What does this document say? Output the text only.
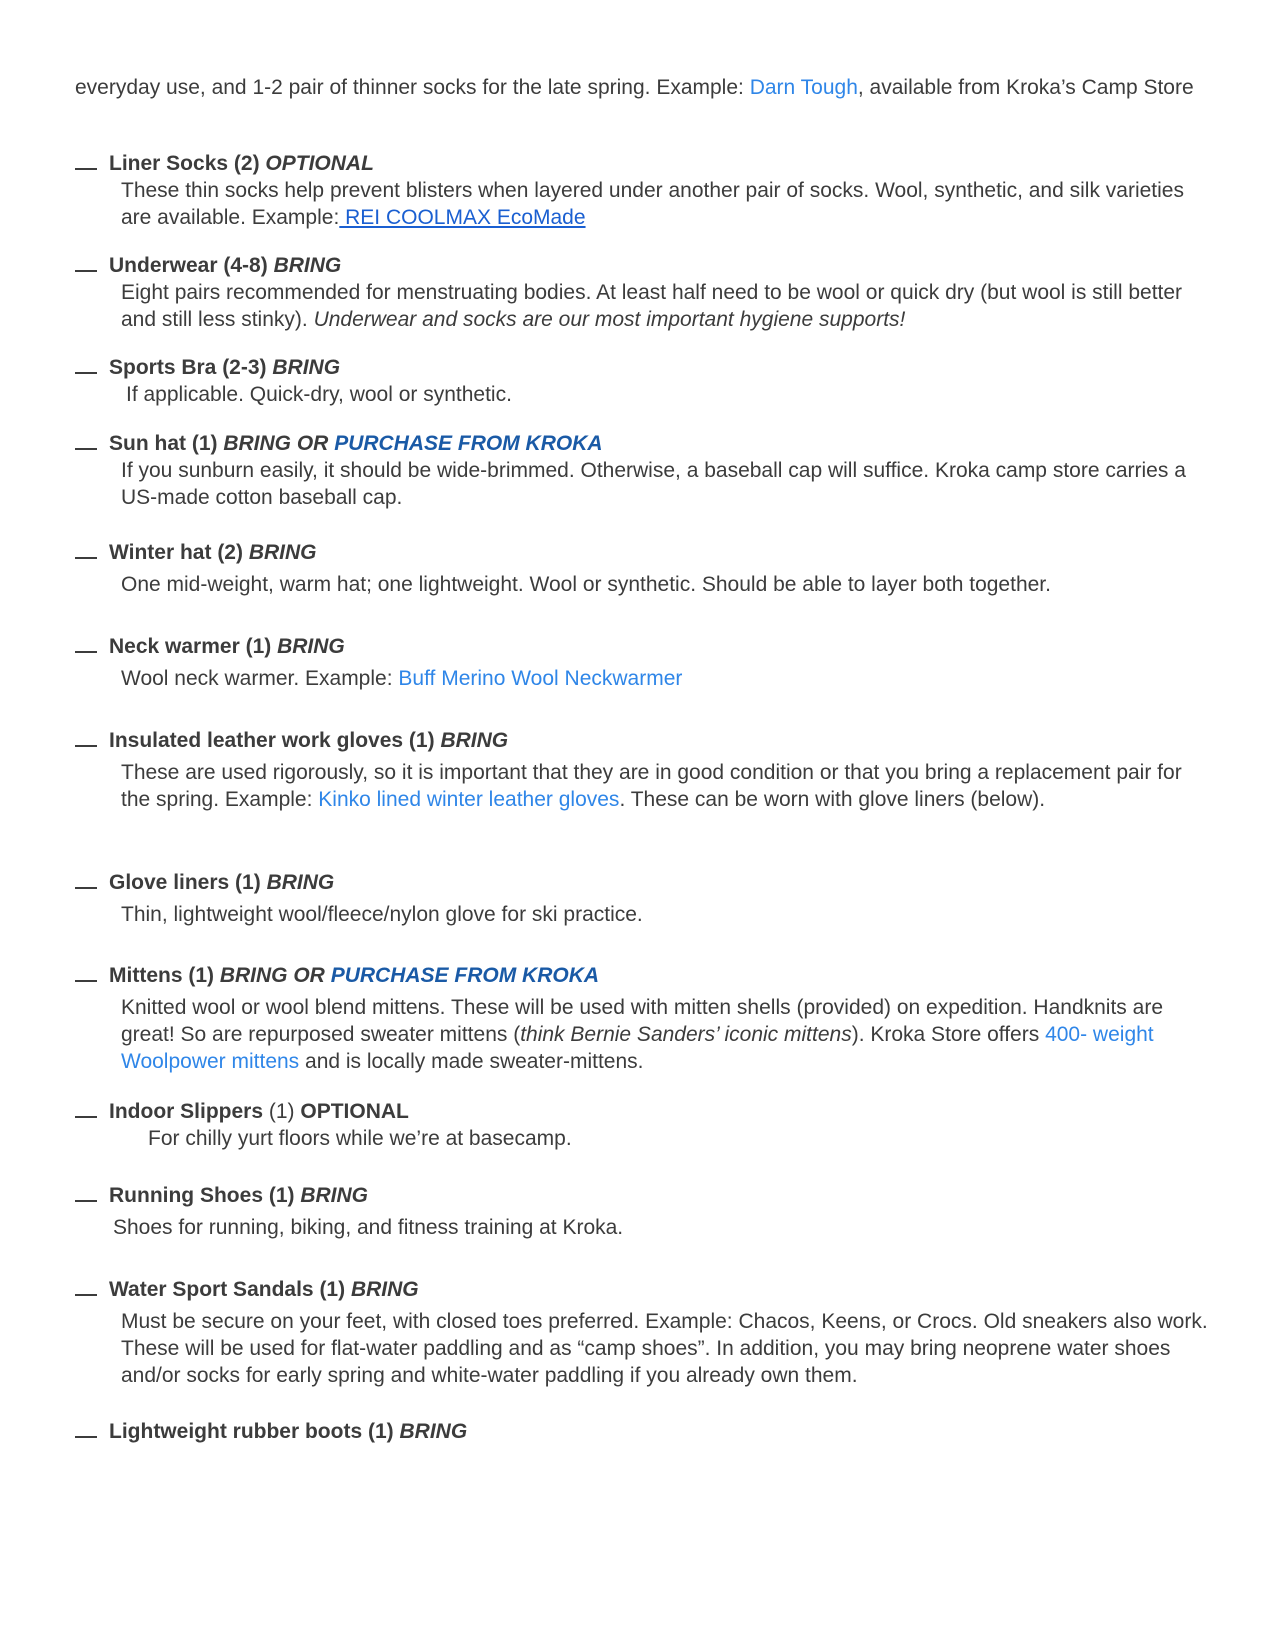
everyday use, and 1-2 pair of thinner socks for the late spring. Example: Darn Tough, available from Kroka’s Camp Store
Liner Socks (2) OPTIONAL
These thin socks help prevent blisters when layered under another pair of socks. Wool, synthetic, and silk varieties are available. Example: REI COOLMAX EcoMade
Underwear (4-8) BRING
Eight pairs recommended for menstruating bodies. At least half need to be wool or quick dry (but wool is still better and still less stinky). Underwear and socks are our most important hygiene supports!
Sports Bra (2-3) BRING
If applicable. Quick-dry, wool or synthetic.
Sun hat (1) BRING OR PURCHASE FROM KROKA
If you sunburn easily, it should be wide-brimmed. Otherwise, a baseball cap will suffice. Kroka camp store carries a US-made cotton baseball cap.
Winter hat (2) BRING
One mid-weight, warm hat; one lightweight. Wool or synthetic. Should be able to layer both together.
Neck warmer (1) BRING
Wool neck warmer. Example: Buff Merino Wool Neckwarmer
Insulated leather work gloves (1) BRING
These are used rigorously, so it is important that they are in good condition or that you bring a replacement pair for the spring. Example: Kinko lined winter leather gloves. These can be worn with glove liners (below).
Glove liners (1) BRING
Thin, lightweight wool/fleece/nylon glove for ski practice.
Mittens (1) BRING OR PURCHASE FROM KROKA
Knitted wool or wool blend mittens. These will be used with mitten shells (provided) on expedition. Handknits are great! So are repurposed sweater mittens (think Bernie Sanders’ iconic mittens). Kroka Store offers 400- weight Woolpower mittens and is locally made sweater-mittens.
Indoor Slippers (1) OPTIONAL
For chilly yurt floors while we’re at basecamp.
Running Shoes (1) BRING
Shoes for running, biking, and fitness training at Kroka.
Water Sport Sandals (1) BRING
Must be secure on your feet, with closed toes preferred. Example: Chacos, Keens, or Crocs. Old sneakers also work. These will be used for flat-water paddling and as “camp shoes”. In addition, you may bring neoprene water shoes and/or socks for early spring and white-water paddling if you already own them.
Lightweight rubber boots (1) BRING
